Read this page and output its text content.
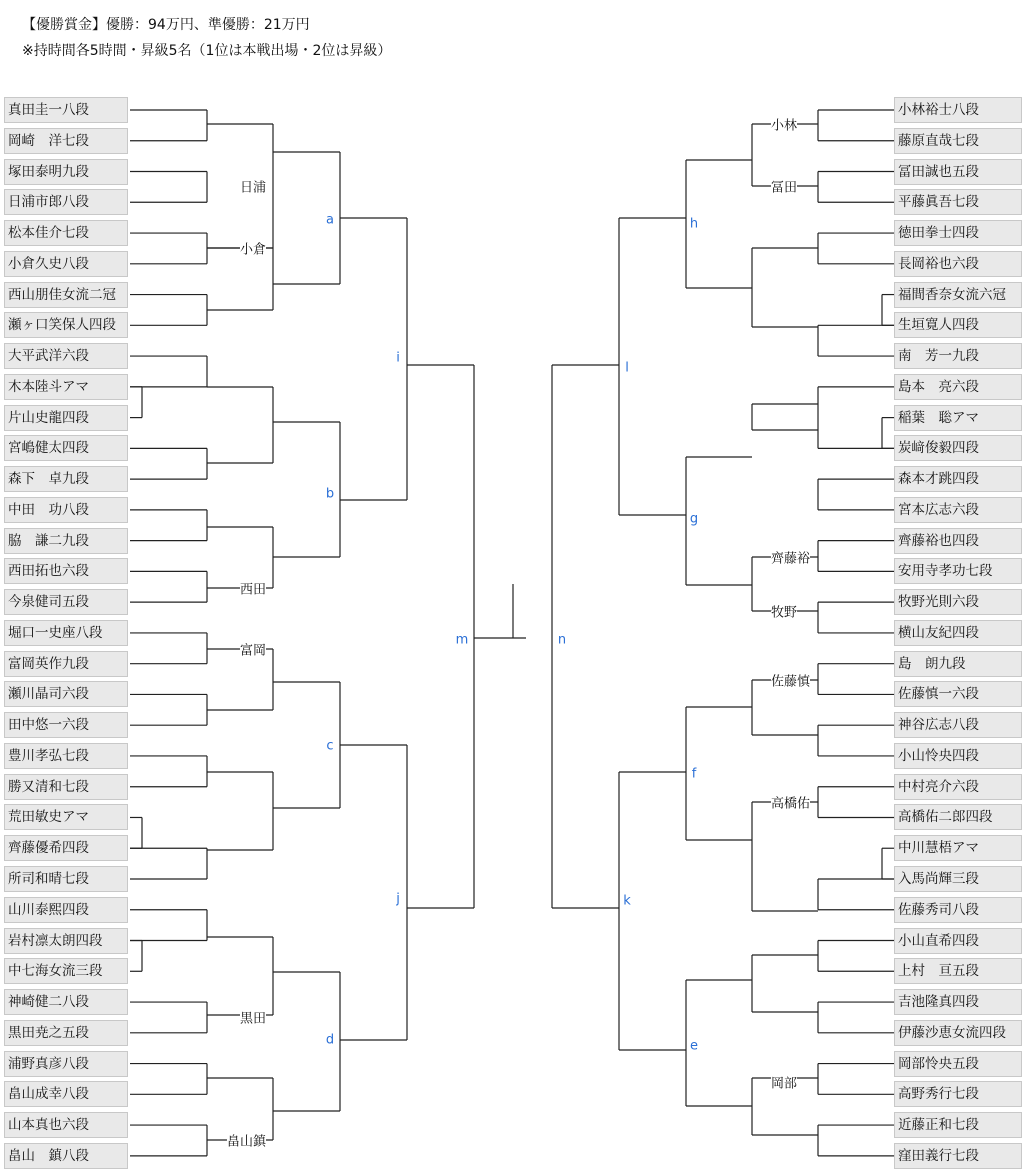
【優勝賞金】優勝：94万円、準優勝：21万円
※持時間各5時間・昇級5名（1位は本戦出場・2位は昇級）
真田圭一八段
岡崎　洋七段
塚田泰明九段
日浦市郎八段
松本佳介七段
小倉久史八段
西山朋佳女流二冠
瀬ヶ口笑保人四段
大平武洋六段
木本陸斗アマ
片山史龍四段
宮嶋健太四段
森下　卓九段
中田　功八段
脇　謙二九段
西田拓也六段
今泉健司五段
堀口一史座八段
富岡英作九段
瀬川晶司六段
田中悠一六段
豊川孝弘七段
勝又清和七段
荒田敏史アマ
齊藤優希四段
所司和晴七段
山川泰熙四段
岩村凛太朗四段
中七海女流三段
神崎健二八段
黒田尭之五段
浦野真彦八段
畠山成幸八段
山本真也六段
畠山　鎮八段
小林裕士八段
藤原直哉七段
冨田誠也五段
平藤眞吾七段
徳田拳士四段
長岡裕也六段
福間香奈女流六冠
生垣寛人四段
南　芳一九段
島本　亮六段
稲葉　聡アマ
炭﨑俊毅四段
森本才跳四段
宮本広志六段
齊藤裕也四段
安用寺孝功七段
牧野光則六段
横山友紀四段
島　朗九段
佐藤慎一六段
神谷広志八段
小山怜央四段
中村亮介六段
高橋佑二郎四段
中川慧梧アマ
入馬尚輝三段
佐藤秀司八段
小山直希四段
上村　亘五段
吉池隆真四段
伊藤沙恵女流四段
岡部怜央五段
高野秀行七段
近藤正和七段
窪田義行七段
日浦
小倉
西田
富岡
黒田
畠山鎮
小林
冨田
齊藤裕
牧野
佐藤慎
高橋佑
岡部
a
b
c
d
i
j
m
h
g
f
e
l
k
n
